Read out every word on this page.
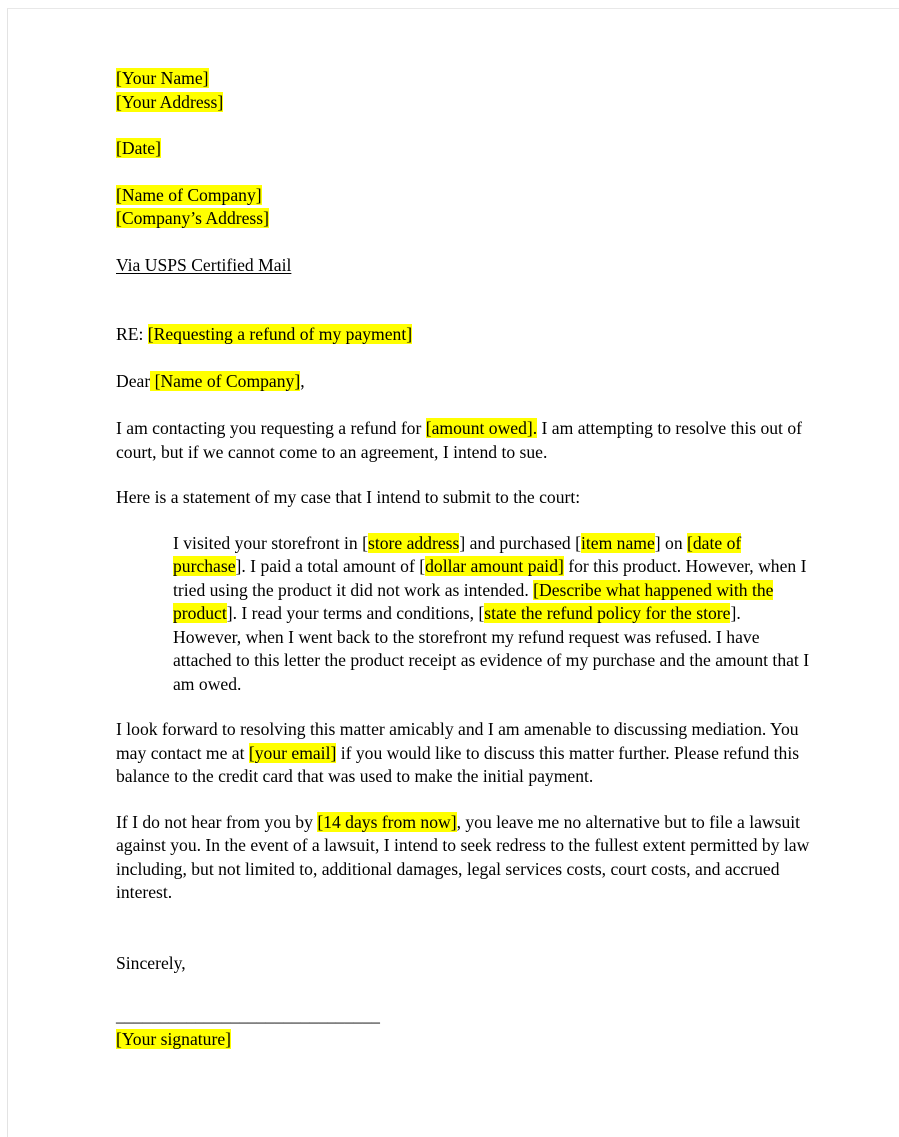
[Your Name]
[Your Address]
[Date]
[Name of Company]
[Company’s Address]
Via USPS Certified Mail
RE: [Requesting a refund of my payment]
Dear [Name of Company],
I am contacting you requesting a refund for [amount owed]. I am attempting to resolve this out of court, but if we cannot come to an agreement, I intend to sue.
Here is a statement of my case that I intend to submit to the court:
I visited your storefront in [store address] and purchased [item name] on [date of purchase]. I paid a total amount of [dollar amount paid] for this product. However, when I tried using the product it did not work as intended. [Describe what happened with the product]. I read your terms and conditions, [state the refund policy for the store]. However, when I went back to the storefront my refund request was refused. I have attached to this letter the product receipt as evidence of my purchase and the amount that I am owed.
I look forward to resolving this matter amicably and I am amenable to discussing mediation. You may contact me at [your email] if you would like to discuss this matter further. Please refund this balance to the credit card that was used to make the initial payment.
If I do not hear from you by [14 days from now], you leave me no alternative but to file a lawsuit against you. In the event of a lawsuit, I intend to seek redress to the fullest extent permitted by law including, but not limited to, additional damages, legal services costs, court costs, and accrued interest.
Sincerely,
______________________________
[Your signature]
